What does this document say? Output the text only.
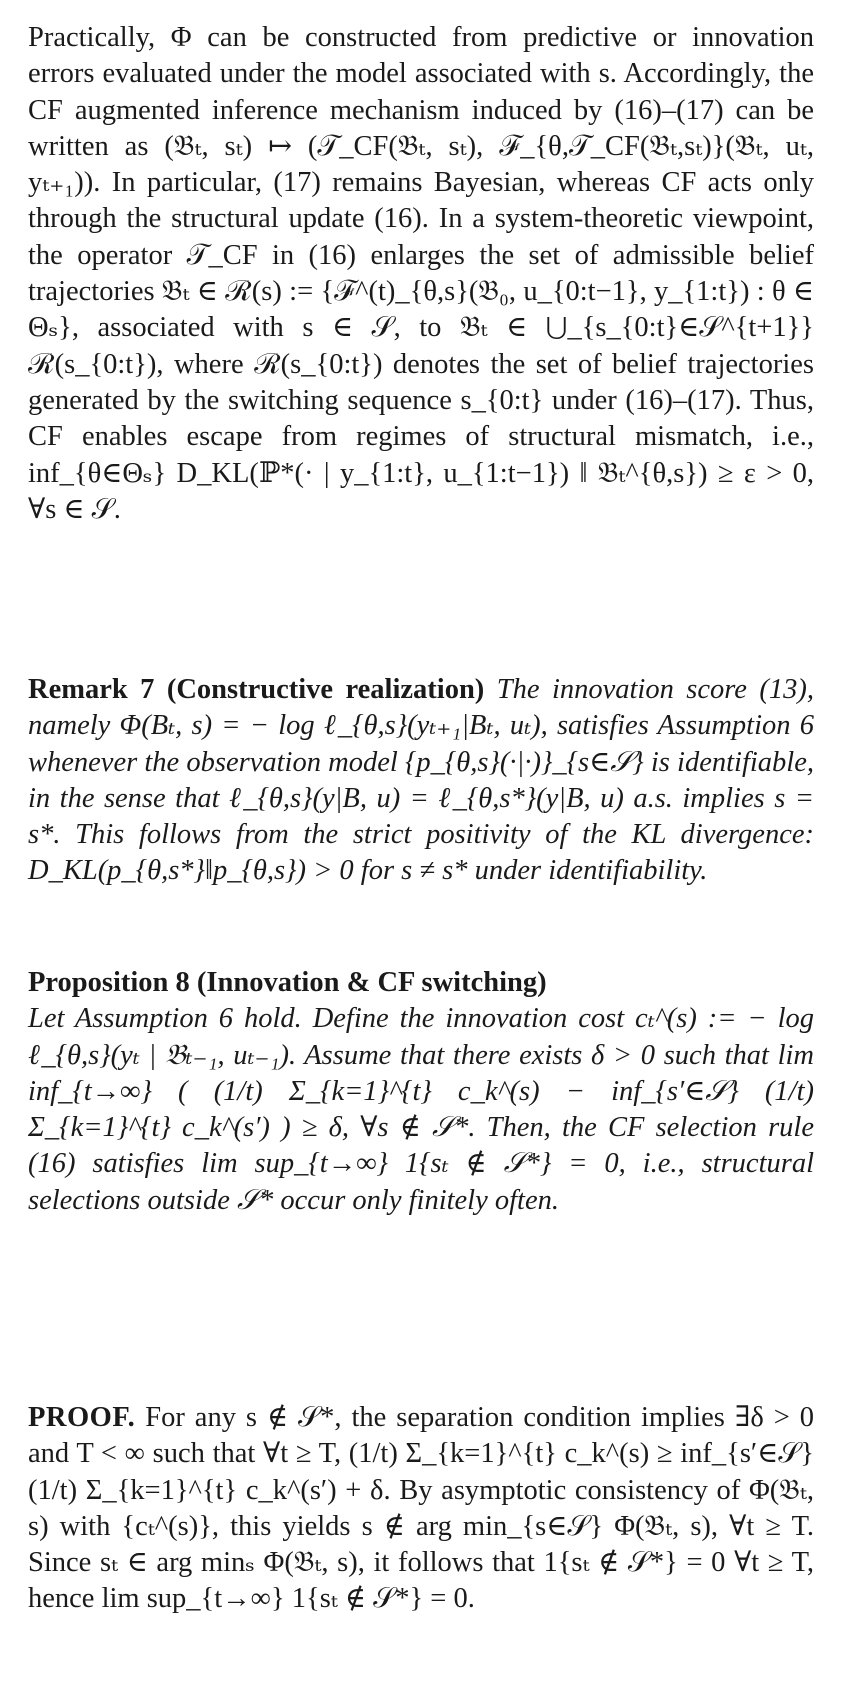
Practically, Φ can be constructed from predictive or innovation errors evaluated under the model associated with s. Accordingly, the CF augmented inference mechanism induced by (16)–(17) can be written as (𝔅ₜ, sₜ) ↦ (𝒯_CF(𝔅ₜ, sₜ), ℱ_{θ,𝒯_CF(𝔅ₜ,sₜ)}(𝔅ₜ, uₜ, yₜ₊₁)). In particular, (17) remains Bayesian, whereas CF acts only through the structural update (16). In a system-theoretic viewpoint, the operator 𝒯_CF in (16) enlarges the set of admissible belief trajectories 𝔅ₜ ∈ ℛ(s) := {ℱ^(t)_{θ,s}(𝔅₀, u_{0:t−1}, y_{1:t}) : θ ∈ Θₛ}, associated with s ∈ 𝒮, to 𝔅ₜ ∈ ⋃_{s_{0:t}∈𝒮^{t+1}} ℛ(s_{0:t}), where ℛ(s_{0:t}) denotes the set of belief trajectories generated by the switching sequence s_{0:t} under (16)–(17). Thus, CF enables escape from regimes of structural mismatch, i.e., inf_{θ∈Θₛ} D_KL(ℙ*(· | y_{1:t}, u_{1:t−1}) ‖ 𝔅ₜ^{θ,s}) ≥ ε > 0, ∀s ∈ 𝒮.

Remark 7 (Constructive realization) The innovation score (13), namely Φ(Bₜ, s) = − log ℓ_{θ,s}(yₜ₊₁|Bₜ, uₜ), satisfies Assumption 6 whenever the observation model {p_{θ,s}(·|·)}_{s∈𝒮} is identifiable, in the sense that ℓ_{θ,s}(y|B, u) = ℓ_{θ,s*}(y|B, u) a.s. implies s = s*. This follows from the strict positivity of the KL divergence: D_KL(p_{θ,s*}‖p_{θ,s}) > 0 for s ≠ s* under identifiability.

Proposition 8 (Innovation & CF switching)
Let Assumption 6 hold. Define the innovation cost cₜ^(s) := − log ℓ_{θ,s}(yₜ | 𝔅ₜ₋₁, uₜ₋₁). Assume that there exists δ > 0 such that lim inf_{t→∞} ( (1/t) Σ_{k=1}^{t} c_k^(s) − inf_{s′∈𝒮} (1/t) Σ_{k=1}^{t} c_k^(s′) ) ≥ δ, ∀s ∉ 𝒮*. Then, the CF selection rule (16) satisfies lim sup_{t→∞} 1{sₜ ∉ 𝒮*} = 0, i.e., structural selections outside 𝒮* occur only finitely often.

PROOF. For any s ∉ 𝒮*, the separation condition implies ∃δ > 0 and T < ∞ such that ∀t ≥ T, (1/t) Σ_{k=1}^{t} c_k^(s) ≥ inf_{s′∈𝒮} (1/t) Σ_{k=1}^{t} c_k^(s′) + δ. By asymptotic consistency of Φ(𝔅ₜ, s) with {cₜ^(s)}, this yields s ∉ arg min_{s∈𝒮} Φ(𝔅ₜ, s), ∀t ≥ T. Since sₜ ∈ arg minₛ Φ(𝔅ₜ, s), it follows that 1{sₜ ∉ 𝒮*} = 0 ∀t ≥ T, hence lim sup_{t→∞} 1{sₜ ∉ 𝒮*} = 0.
